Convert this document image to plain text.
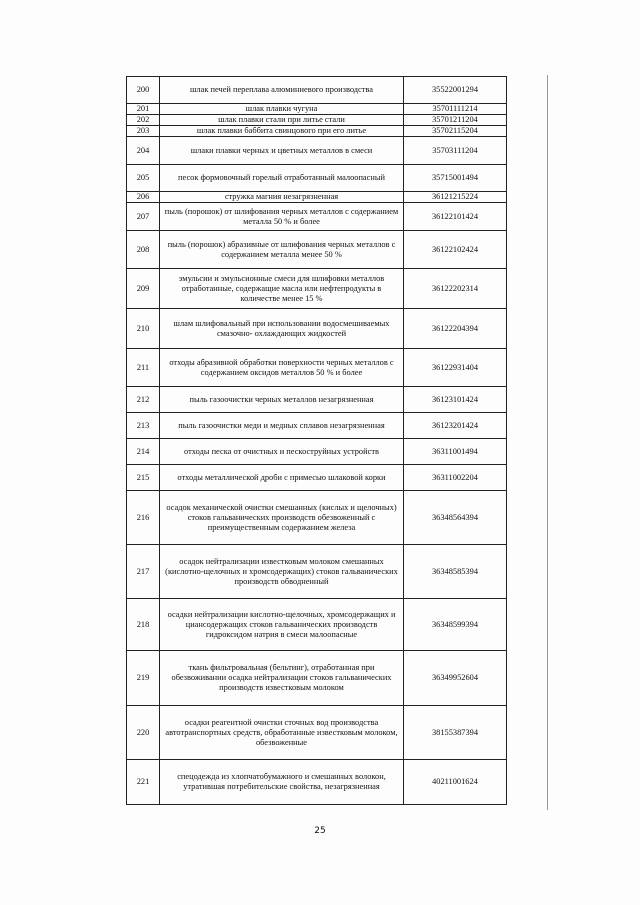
200	шлак печей переплава алюминиевого производства	35522001294
201	шлак плавки чугуна	35701111214
202	шлак плавки стали при литье стали	35701211204
203	шлак плавки баббита свинцового при его литье	35702115204
204	шлаки плавки черных и цветных металлов в смеси	35703111204
205	песок формовочный горелый отработанный малоопасный	35715001494
206	стружка магния незагрязненная	36121215224
207	пыль (порошок) от шлифования черных металлов с содержанием металла 50 % и более	36122101424
208	пыль (порошок) абразивные от шлифования черных металлов с содержанием металла менее 50 %	36122102424
209	эмульсии и эмульсионные смеси для шлифовки металлов отработанные, содержащие масла или нефтепродукты в количестве менее 15 %	36122202314
210	шлам шлифовальный при использовании водосмешиваемых смазочно- охлаждающих жидкостей	36122204394
211	отходы абразивной обработки поверхности черных металлов с содержанием оксидов металлов 50 % и более	36122931404
212	пыль газоочистки черных металлов незагрязненная	36123101424
213	пыль газоочистки меди и медных сплавов незагрязненная	36123201424
214	отходы песка от очистных и пескоструйных устройств	36311001494
215	отходы металлической дроби с примесью шлаковой корки	36311002204
216	осадок механической очистки смешанных (кислых и щелочных) стоков гальванических производств обезвоженный с преимущественным содержанием железа	36348564394
217	осадок нейтрализации известковым молоком смешанных (кислотно-щелочных и хромсодержащих) стоков гальванических производств обводненный	36348585394
218	осадки нейтрализации кислотно-щелочных, хромсодержащих и циансодержащих стоков гальванических производств гидроксидом натрия в смеси малоопасные	36348599394
219	ткань фильтровальная (бельтинг), отработанная при обезвоживании осадка нейтрализации стоков гальванических производств известковым молоком	36349952604
220	осадки реагентной очистки сточных вод производства автотранспортных средств, обработанные известковым молоком, обезвоженные	38155387394
221	спецодежда из хлопчатобумажного и смешанных волокон, утратившая потребительские свойства, незагрязненная	40211001624
25
